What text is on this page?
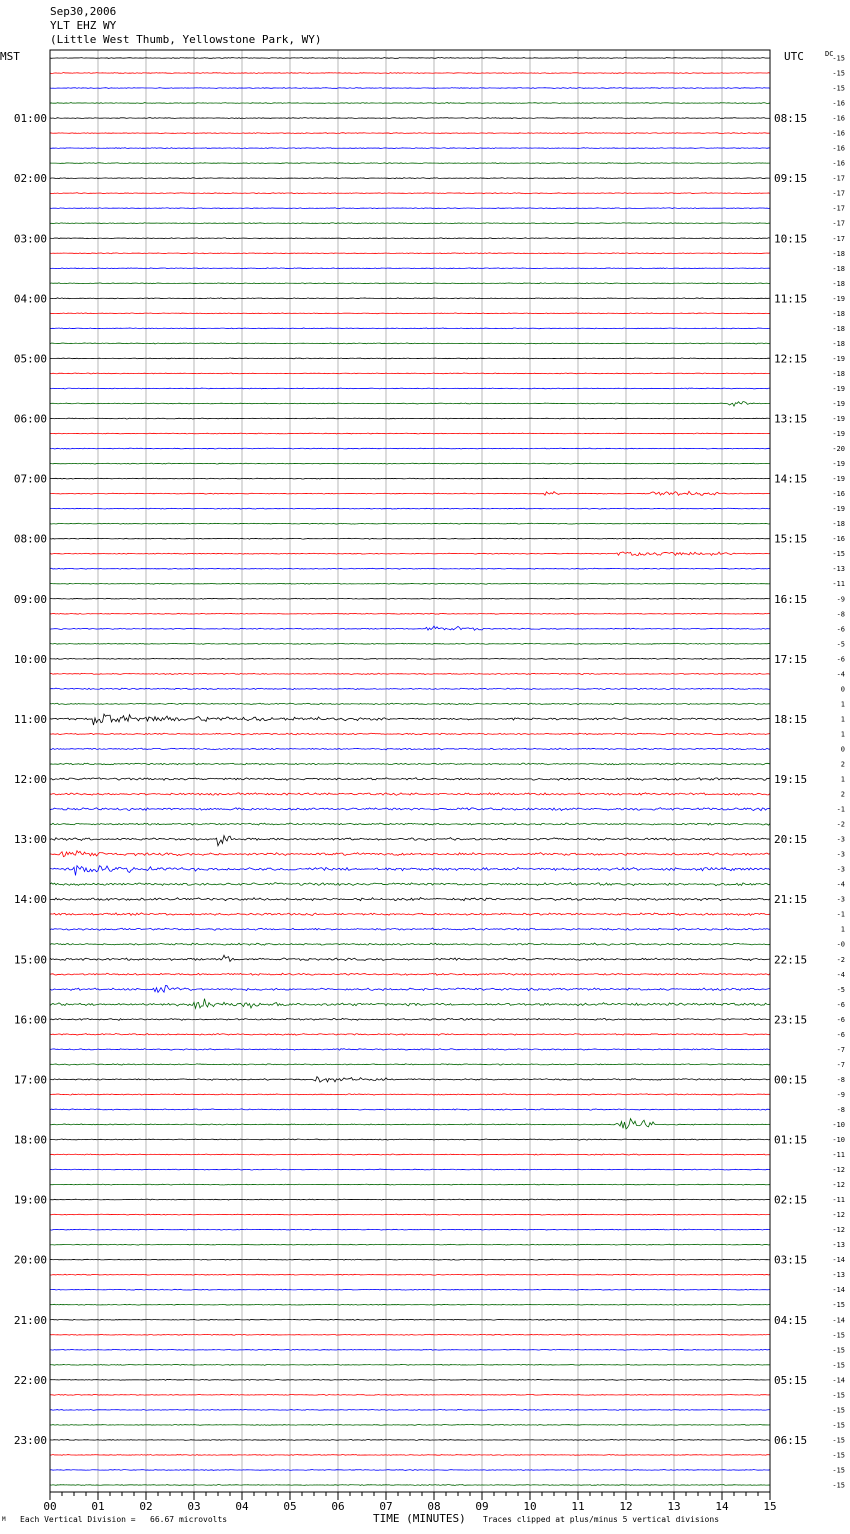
Sep30,2006
YLT EHZ WY
(Little West Thumb, Yellowstone Park, WY)
-15
-15
-15
-16
-16
-16
-16
-16
-17
-17
-17
-17
-17
-18
-18
-18
-19
-18
-18
-18
-19
-18
-19
-19
-19
-19
-20
-19
-19
-16
-19
-18
-16
-15
-13
-11
-9
-8
-6
-5
-6
-4
0
1
1
1
0
2
1
2
-1
-2
-3
-3
-3
-4
-3
-1
1
-0
-2
-4
-5
-6
-6
-6
-7
-7
-8
-9
-8
-10
-10
-11
-12
-12
-11
-12
-12
-13
-14
-13
-14
-15
-14
-15
-15
-15
-14
-15
-15
-15
-15
-15
-15
-15
MST	UTC	DC
01:00	08:15
02:00	09:15
03:00	10:15
04:00	11:15
05:00	12:15
06:00	13:15
07:00	14:15
08:00	15:15
09:00	16:15
10:00	17:15
11:00	18:15
12:00	19:15
13:00	20:15
14:00	21:15
15:00	22:15
16:00	23:15
17:00	00:15
18:00	01:15
19:00	02:15
20:00	03:15
21:00	04:15
22:00	05:15
23:00	06:15
00	01	02	03	04	05	06	07	08	09	10	11	12	13	14	15
M Each Vertical Division =   66.67 microvolts	TIME (MINUTES) Traces clipped at plus/minus 5 vertical divisions
